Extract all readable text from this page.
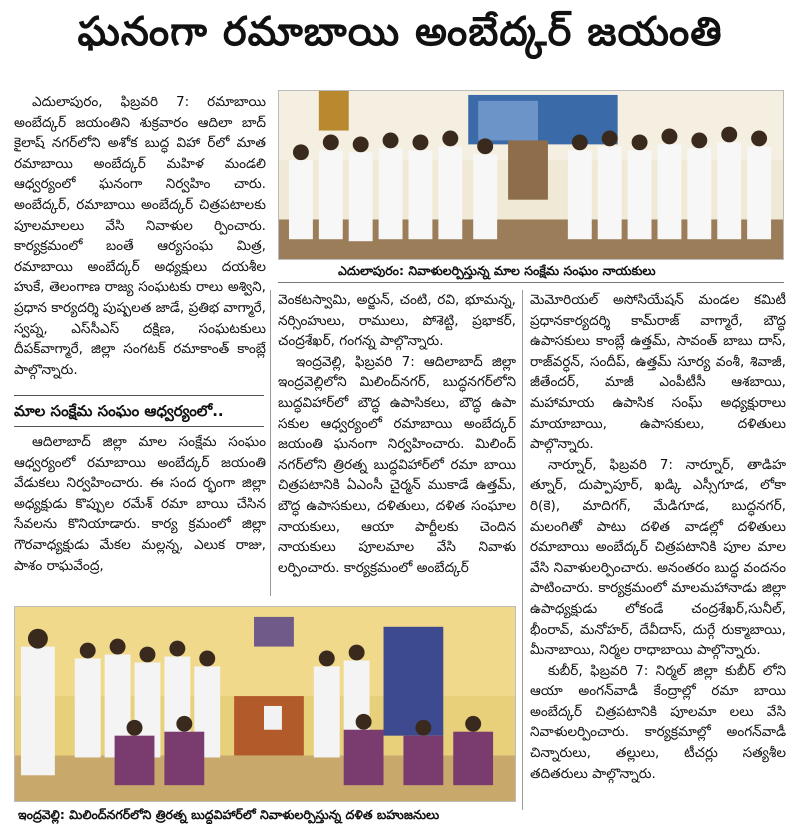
ఘనంగా రమాబాయి అంబేద్కర్ జయంతి
ఎదులాపురం: నివాళులర్పిస్తున్న మాల సంక్షేమ సంఘం నాయకులు

ఎదులాపురం, ఫిబ్రవరి 7: రమాబాయి అంబేద్కర్ జయంతిని శుక్రవారం ఆదిలా బాద్ కైలాష్ నగర్‌లోని అశోక బుద్ధ విహా ర్‌లో మాత రమాబాయి అంబేద్కర్ మహిళ మండలి ఆధ్వర్యంలో ఘనంగా నిర్వహిం చారు. అంబేద్కర్, రమాబాయి అంబేద్కర్ చిత్రపటాలకు పూలమాలలు వేసి నివాళుల ర్పించారు. కార్యక్రమంలో బంతే ఆర్యసంఘ మిత్ర, రమాబాయి అంబేద్కర్ అధ్యక్షులు దయశీల హుకే, తెలంగాణ రాజ్య సంఘటకు రాలు అశ్విని, ప్రధాన కార్యదర్శి పుష్పలత జాడే, ప్రతిభ వాగ్మారే, స్వప్న, ఎస్‌సీఎస్ దక్షిణ, సంఘటకులు దీపక్‌వాగ్మారే, జిల్లా సంగటక్ రమాకాంత్ కాంబ్లే పాల్గొన్నారు.

మాల సంక్షేమ సంఘం ఆధ్వర్యంలో..

ఆదిలాబాద్ జిల్లా మాల సంక్షేమ సంఘం ఆధ్వర్యంలో రమాబాయి అంబేద్కర్ జయంతి వేడుకలు నిర్వహించారు. ఈ సంద ర్భంగా జిల్లా అధ్యక్షుడు కొప్పుల రమేశ్ రమా బాయి చేసిన సేవలను కొనియాడారు. కార్య క్రమంలో జిల్లా గౌరవాధ్యక్షుడు మేకల మల్లన్న, ఎలుక రాజు, పాశం రాఘవేంద్ర,

వెంకటస్వామి, అర్జున్, చంటి, రవి, భూమన్న, నర్సింహులు, రాములు, పోశెట్టి, ప్రభాకర్, చంద్రశేఖర్, గంగన్న పాల్గొన్నారు.

ఇంద్రవెల్లి, ఫిబ్రవరి 7: ఆదిలాబాద్ జిల్లా ఇంద్రవెల్లిలోని మిలింద్‌నగర్, బుద్ధనగర్‌లోని బుద్ధవిహార్‌లో బౌద్ధ ఉపాసికలు, బౌద్ధ ఉపా సకుల ఆధ్వర్యంలో రమాబాయి అంబేద్కర్ జయంతి ఘనంగా నిర్వహించారు. మిలింద్ నగర్‌లోని త్రిరత్న బుద్ధవిహార్‌లో రమా బాయి చిత్రపటానికి ఏఎంసీ చైర్మన్ ముకాడే ఉత్తమ్, బౌద్ధ ఉపాసకులు, దళితులు, దళిత సంఘాల నాయకులు, ఆయా పార్టీలకు చెందిన నాయకులు పూలమాల వేసి నివాళు లర్పించారు. కార్యక్రమంలో అంబేద్కర్

మెమోరియల్ అసోసియేషన్ మండల కమిటీ ప్రధానకార్యదర్శి కామ్‌రాజ్ వాగ్మారే, బౌద్ధ ఉపాసకులు కాంబ్లే ఉత్తమ్, సావంత్ బాబు దాస్, రాజ్‌వర్ధన్, సందీప్, ఉత్తమ్ సూర్య వంశీ, శివాజీ, జీతేందర్, మాజీ ఎంపీటీసీ ఆశబాయి, మహామాయ ఉపాసిక సంఘ్ అధ్యక్షురాలు మాయాబాయి, ఉపాసకులు, దళితులు పాల్గొన్నారు.

నార్నూర్, ఫిబ్రవరి 7: నార్నూర్, తాడిహ త్నూర్, దుప్పాపూర్, ఖడ్కి ఎస్సీగూడ, లోకా రి(కె), మాదిగగ్, మేడిగూడ, బుద్ధనగర్, మలంగితో పాటు దళిత వాడల్లో దళితులు రమాబాయి అంబేద్కర్ చిత్రపటానికి పూల మాల వేసి నివాళులర్పించారు. అనంతరం బుద్ధ వందనం పాటించారు. కార్యక్రమంలో మాలమహానాడు జిల్లా ఉపాధ్యక్షుడు లోకండే చంద్రశేఖర్,సునీల్, భీంరావ్, మనోహర్, దేవీదాస్, దుర్గే రుక్మాబాయి, మీనాబాయి, నిర్మల రాధాబాయి పాల్గొన్నారు.

కుబీర్, ఫిబ్రవరి 7: నిర్మల్ జిల్లా కుబీర్‌ లోని ఆయా అంగన్‌వాడీ కేంద్రాల్లో రమా బాయి అంబేద్కర్ చిత్రపటానికి పూలమా లలు వేసి నివాళులర్పించారు. కార్యక్రమాల్లో అంగన్‌వాడీ చిన్నారులు, తల్లులు, టీచర్లు సత్యశీల తదితరులు పాల్గొన్నారు.

ఇంద్రవెల్లి: మిలింద్‌నగర్‌లోని త్రిరత్న బుద్ధవిహార్‌లో నివాళులర్పిస్తున్న దళిత బహుజనులు
